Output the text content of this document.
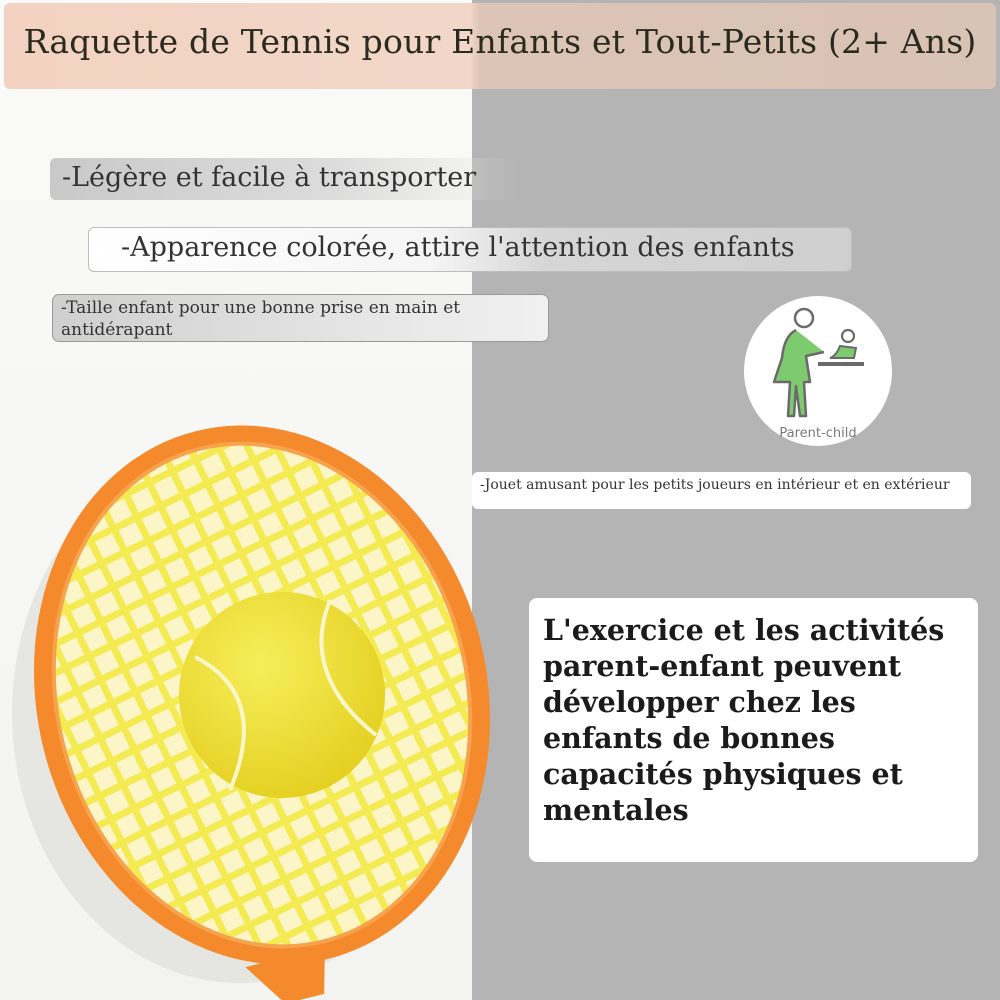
Raquette de Tennis pour Enfants et Tout-Petits (2+ Ans)
-Légère et facile à transporter
-Apparence colorée, attire l'attention des enfants
-Taille enfant pour une bonne prise en main et antidérapant
Parent-child
-Jouet amusant pour les petits joueurs en intérieur et en extérieur
L'exercice et les activités parent-enfant peuvent développer chez les enfants de bonnes capacités physiques et mentales
